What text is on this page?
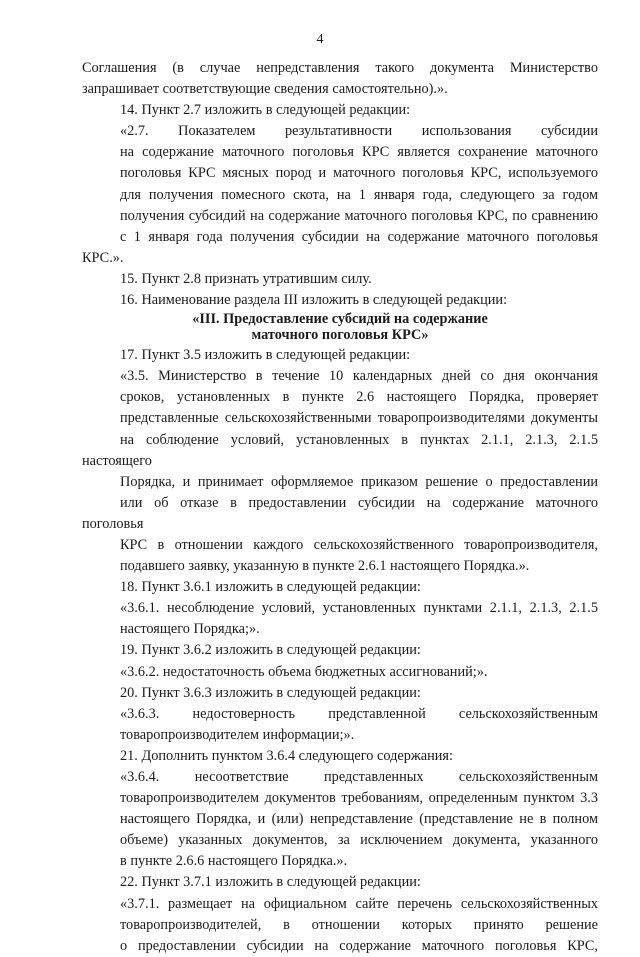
4
Соглашения (в случае непредставления такого документа Министерство
запрашивает соответствующие сведения самостоятельно).».
14. Пункт 2.7 изложить в следующей редакции:
«2.7. Показателем результативности использования субсидии
на содержание маточного поголовья КРС является сохранение маточного
поголовья КРС мясных пород и маточного поголовья КРС, используемого
для получения помесного скота, на 1 января года, следующего за годом
получения субсидий на содержание маточного поголовья КРС, по сравнению
с 1 января года получения субсидии на содержание маточного поголовья КРС.».
15. Пункт 2.8 признать утратившим силу.
16. Наименование раздела III изложить в следующей редакции:
«III. Предоставление субсидий на содержание
маточного поголовья КРС»
17. Пункт 3.5 изложить в следующей редакции:
«3.5. Министерство в течение 10 календарных дней со дня окончания
сроков, установленных в пункте 2.6 настоящего Порядка, проверяет
представленные сельскохозяйственными товаропроизводителями документы
на соблюдение условий, установленных в пунктах 2.1.1, 2.1.3, 2.1.5 настоящего
Порядка, и принимает оформляемое приказом решение о предоставлении
или об отказе в предоставлении субсидии на содержание маточного поголовья
КРС в отношении каждого сельскохозяйственного товаропроизводителя,
подавшего заявку, указанную в пункте 2.6.1 настоящего Порядка.».
18. Пункт 3.6.1 изложить в следующей редакции:
«3.6.1. несоблюдение условий, установленных пунктами 2.1.1, 2.1.3, 2.1.5
настоящего Порядка;».
19. Пункт 3.6.2 изложить в следующей редакции:
«3.6.2. недостаточность объема бюджетных ассигнований;».
20. Пункт 3.6.3 изложить в следующей редакции:
«3.6.3. недостоверность представленной сельскохозяйственным
товаропроизводителем информации;».
21. Дополнить пунктом 3.6.4 следующего содержания:
«3.6.4. несоответствие представленных сельскохозяйственным
товаропроизводителем документов требованиям, определенным пунктом 3.3
настоящего Порядка, и (или) непредставление (представление не в полном
объеме) указанных документов, за исключением документа, указанного
в пункте 2.6.6 настоящего Порядка.».
22. Пункт 3.7.1 изложить в следующей редакции:
«3.7.1. размещает на официальном сайте перечень сельскохозяйственных
товаропроизводителей, в отношении которых принято решение
о предоставлении субсидии на содержание маточного поголовья КРС,
